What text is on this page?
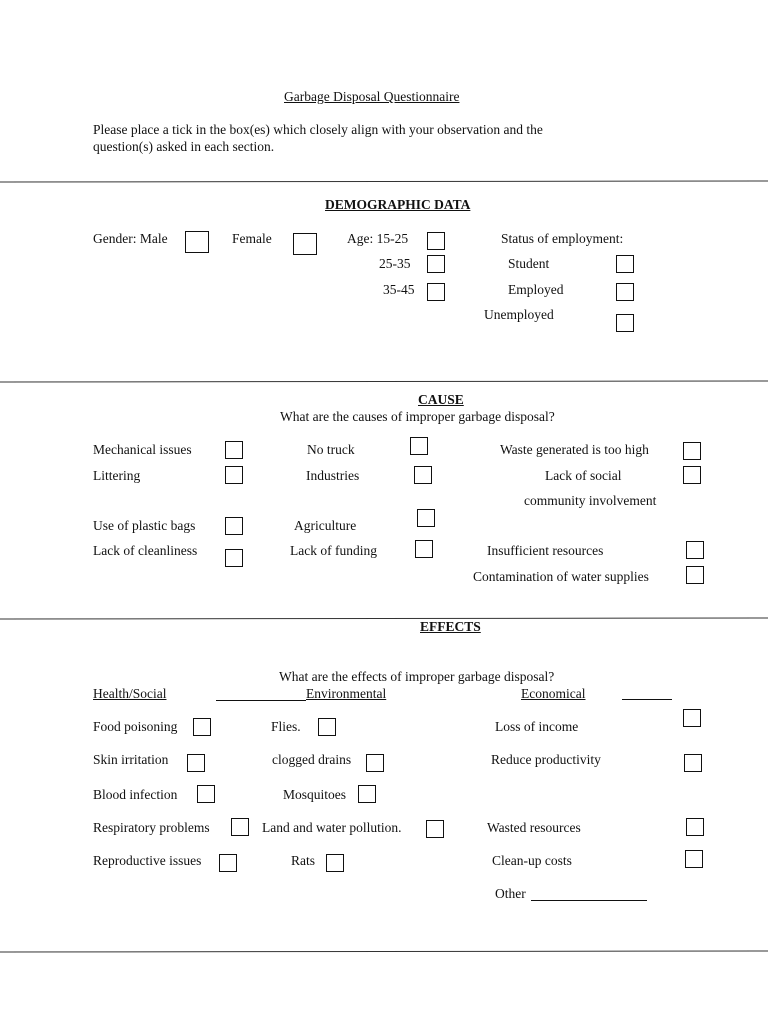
Garbage Disposal Questionnaire
Please place a tick in the box(es) which closely align with your observation and the
question(s) asked in each section.
DEMOGRAPHIC DATA
Gender: Male	Female	Age: 15-25
25-35
35-45
Status of employment:
Student
Employed
Unemployed
CAUSE
What are the causes of improper garbage disposal?
Mechanical issues	No truck	Waste generated is too high
Littering	Industries	Lack of social
community involvement
Use of plastic bags	Agriculture
Lack of cleanliness	Lack of funding	Insufficient resources
Contamination of water supplies
EFFECTS
What are the effects of improper garbage disposal?
Health/Social	Environmental	Economical
Food poisoning	Flies.	Loss of income
Skin irritation	clogged drains	Reduce productivity
Blood infection	Mosquitoes
Respiratory problems	Land and water pollution.	Wasted resources
Reproductive issues	Rats	Clean-up costs
Other
